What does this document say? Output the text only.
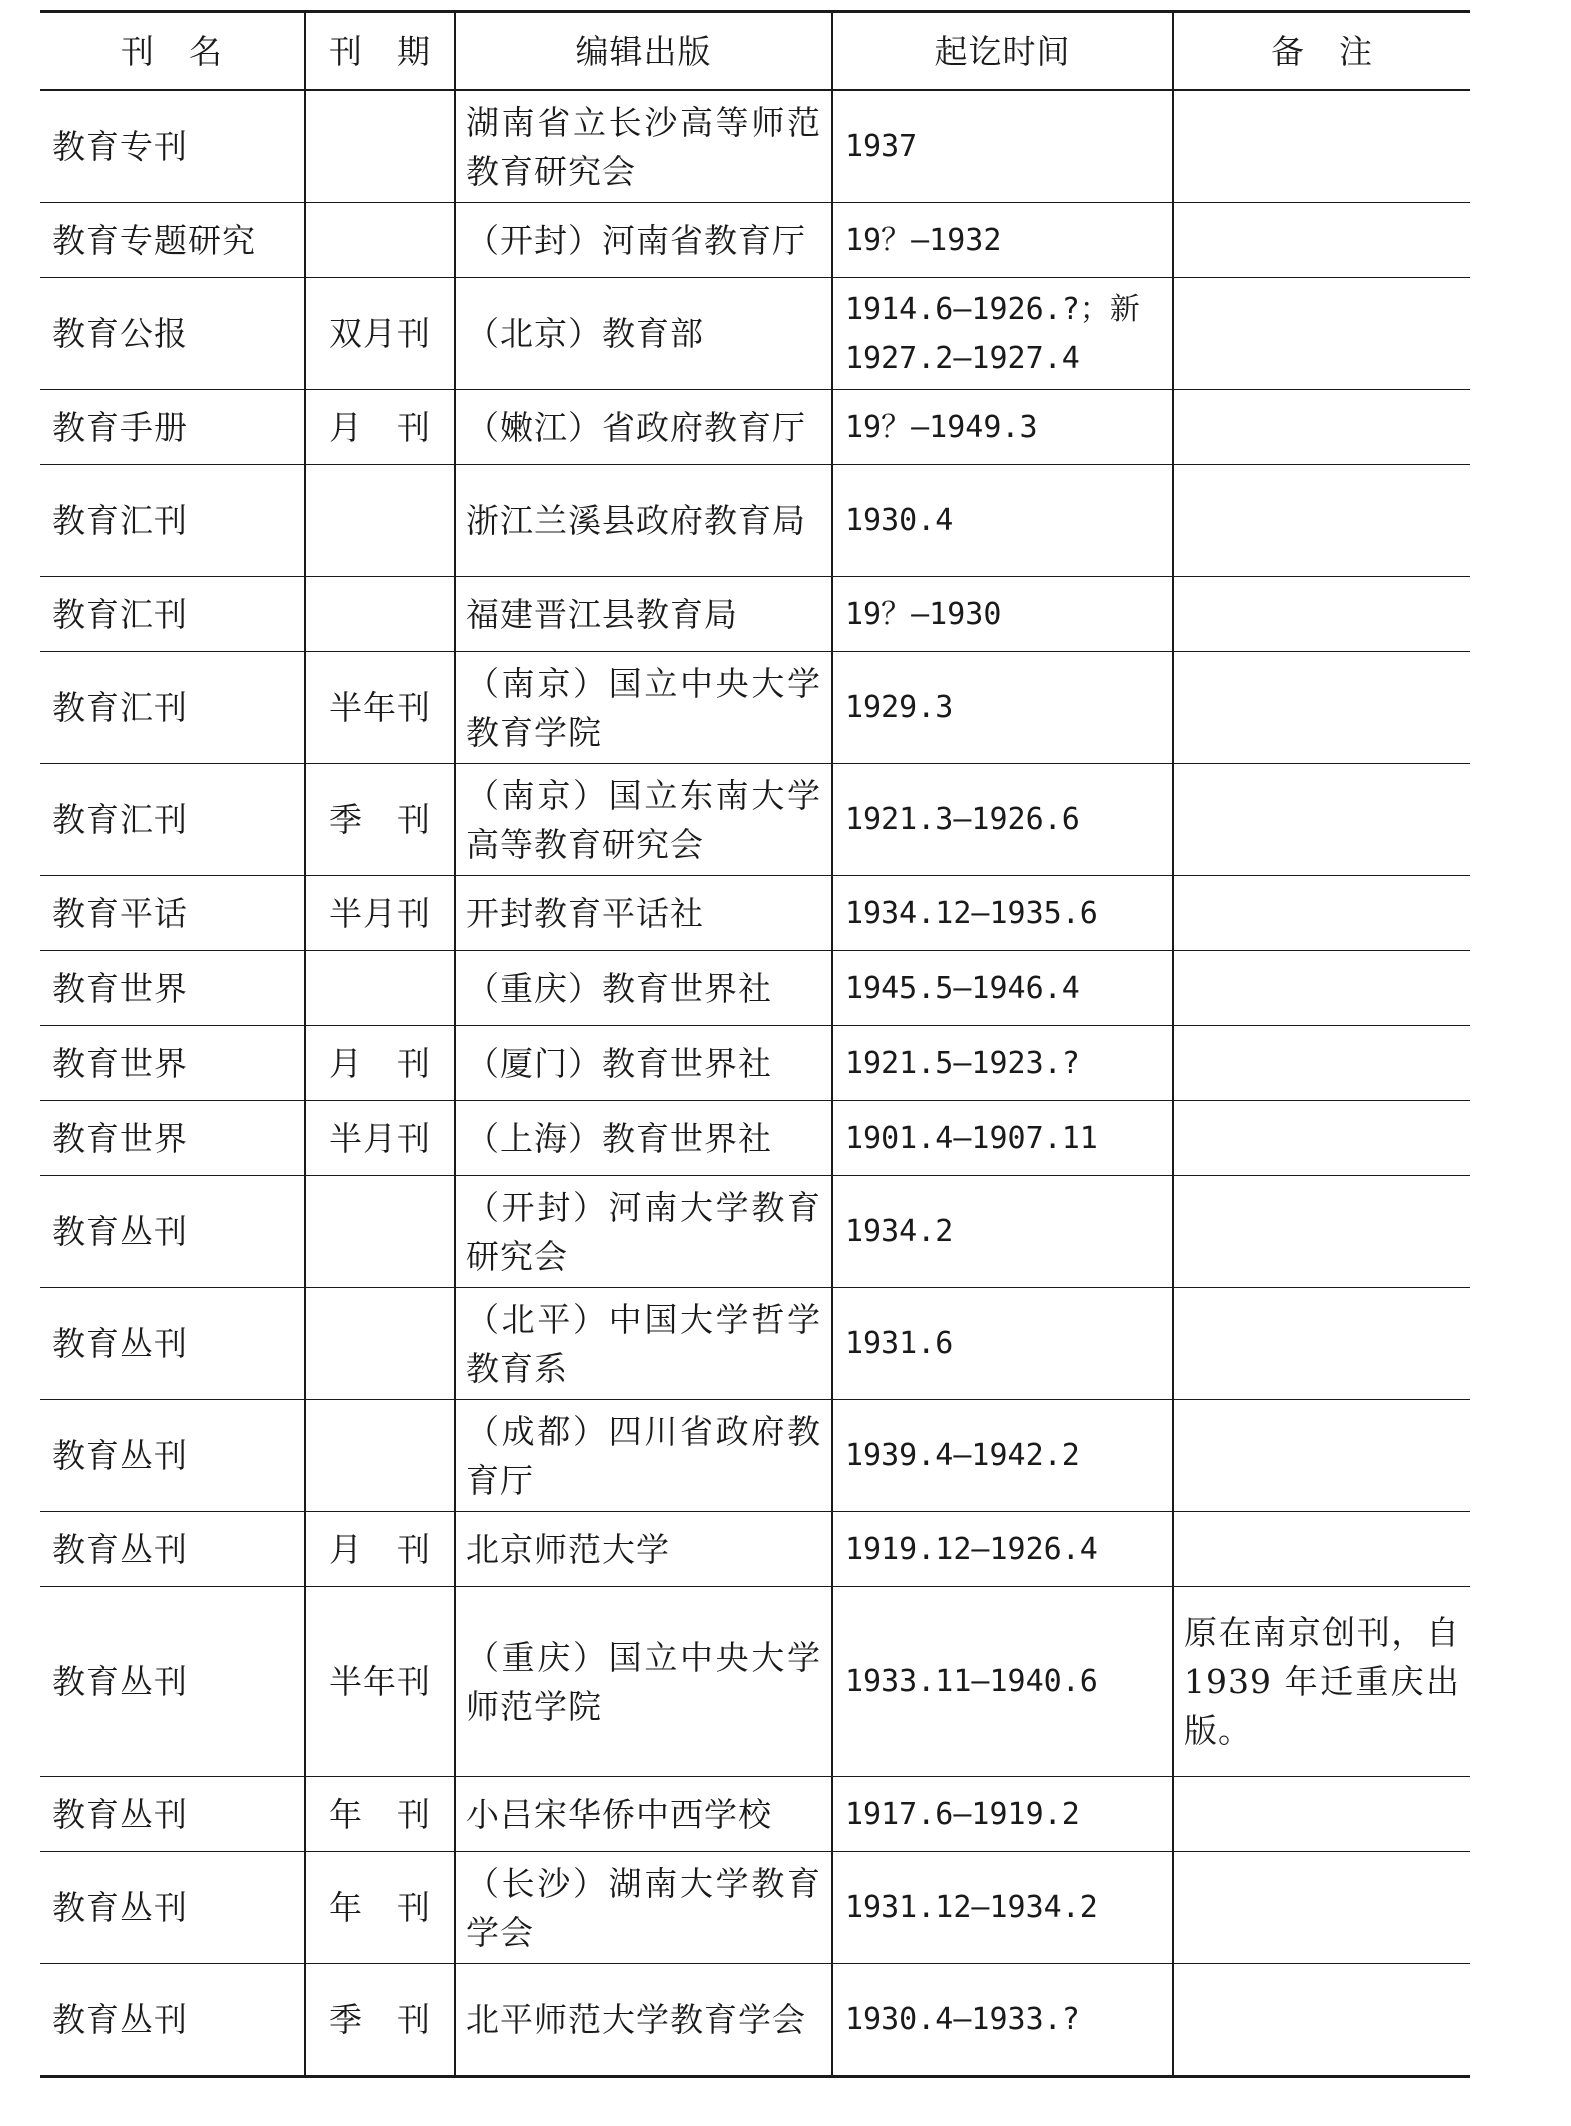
刊　名	刊　期	编辑出版	起讫时间	备　注
教育专刊		湖南省立长沙高等师范教育研究会	1937	
教育专题研究		（开封）河南省教育厅	19？—1932	
教育公报	双月刊	（北京）教育部	1914.6—1926.?；新 1927.2—1927.4	
教育手册	月　刊	（嫩江）省政府教育厅	19？—1949.3	
教育汇刊		浙江兰溪县政府教育局	1930.4	
教育汇刊		福建晋江县教育局	19？—1930	
教育汇刊	半年刊	（南京）国立中央大学教育学院	1929.3	
教育汇刊	季　刊	（南京）国立东南大学高等教育研究会	1921.3—1926.6	
教育平话	半月刊	开封教育平话社	1934.12—1935.6	
教育世界		（重庆）教育世界社	1945.5—1946.4	
教育世界	月　刊	（厦门）教育世界社	1921.5—1923.?	
教育世界	半月刊	（上海）教育世界社	1901.4—1907.11	
教育丛刊		（开封）河南大学教育研究会	1934.2	
教育丛刊		（北平）中国大学哲学教育系	1931.6	
教育丛刊		（成都）四川省政府教育厅	1939.4—1942.2	
教育丛刊	月　刊	北京师范大学	1919.12—1926.4	
教育丛刊	半年刊	（重庆）国立中央大学师范学院	1933.11—1940.6	原在南京创刊，自 1939 年迁重庆出版。
教育丛刊	年　刊	小吕宋华侨中西学校	1917.6—1919.2	
教育丛刊	年　刊	（长沙）湖南大学教育学会	1931.12—1934.2	
教育丛刊	季　刊	北平师范大学教育学会	1930.4—1933.?	
